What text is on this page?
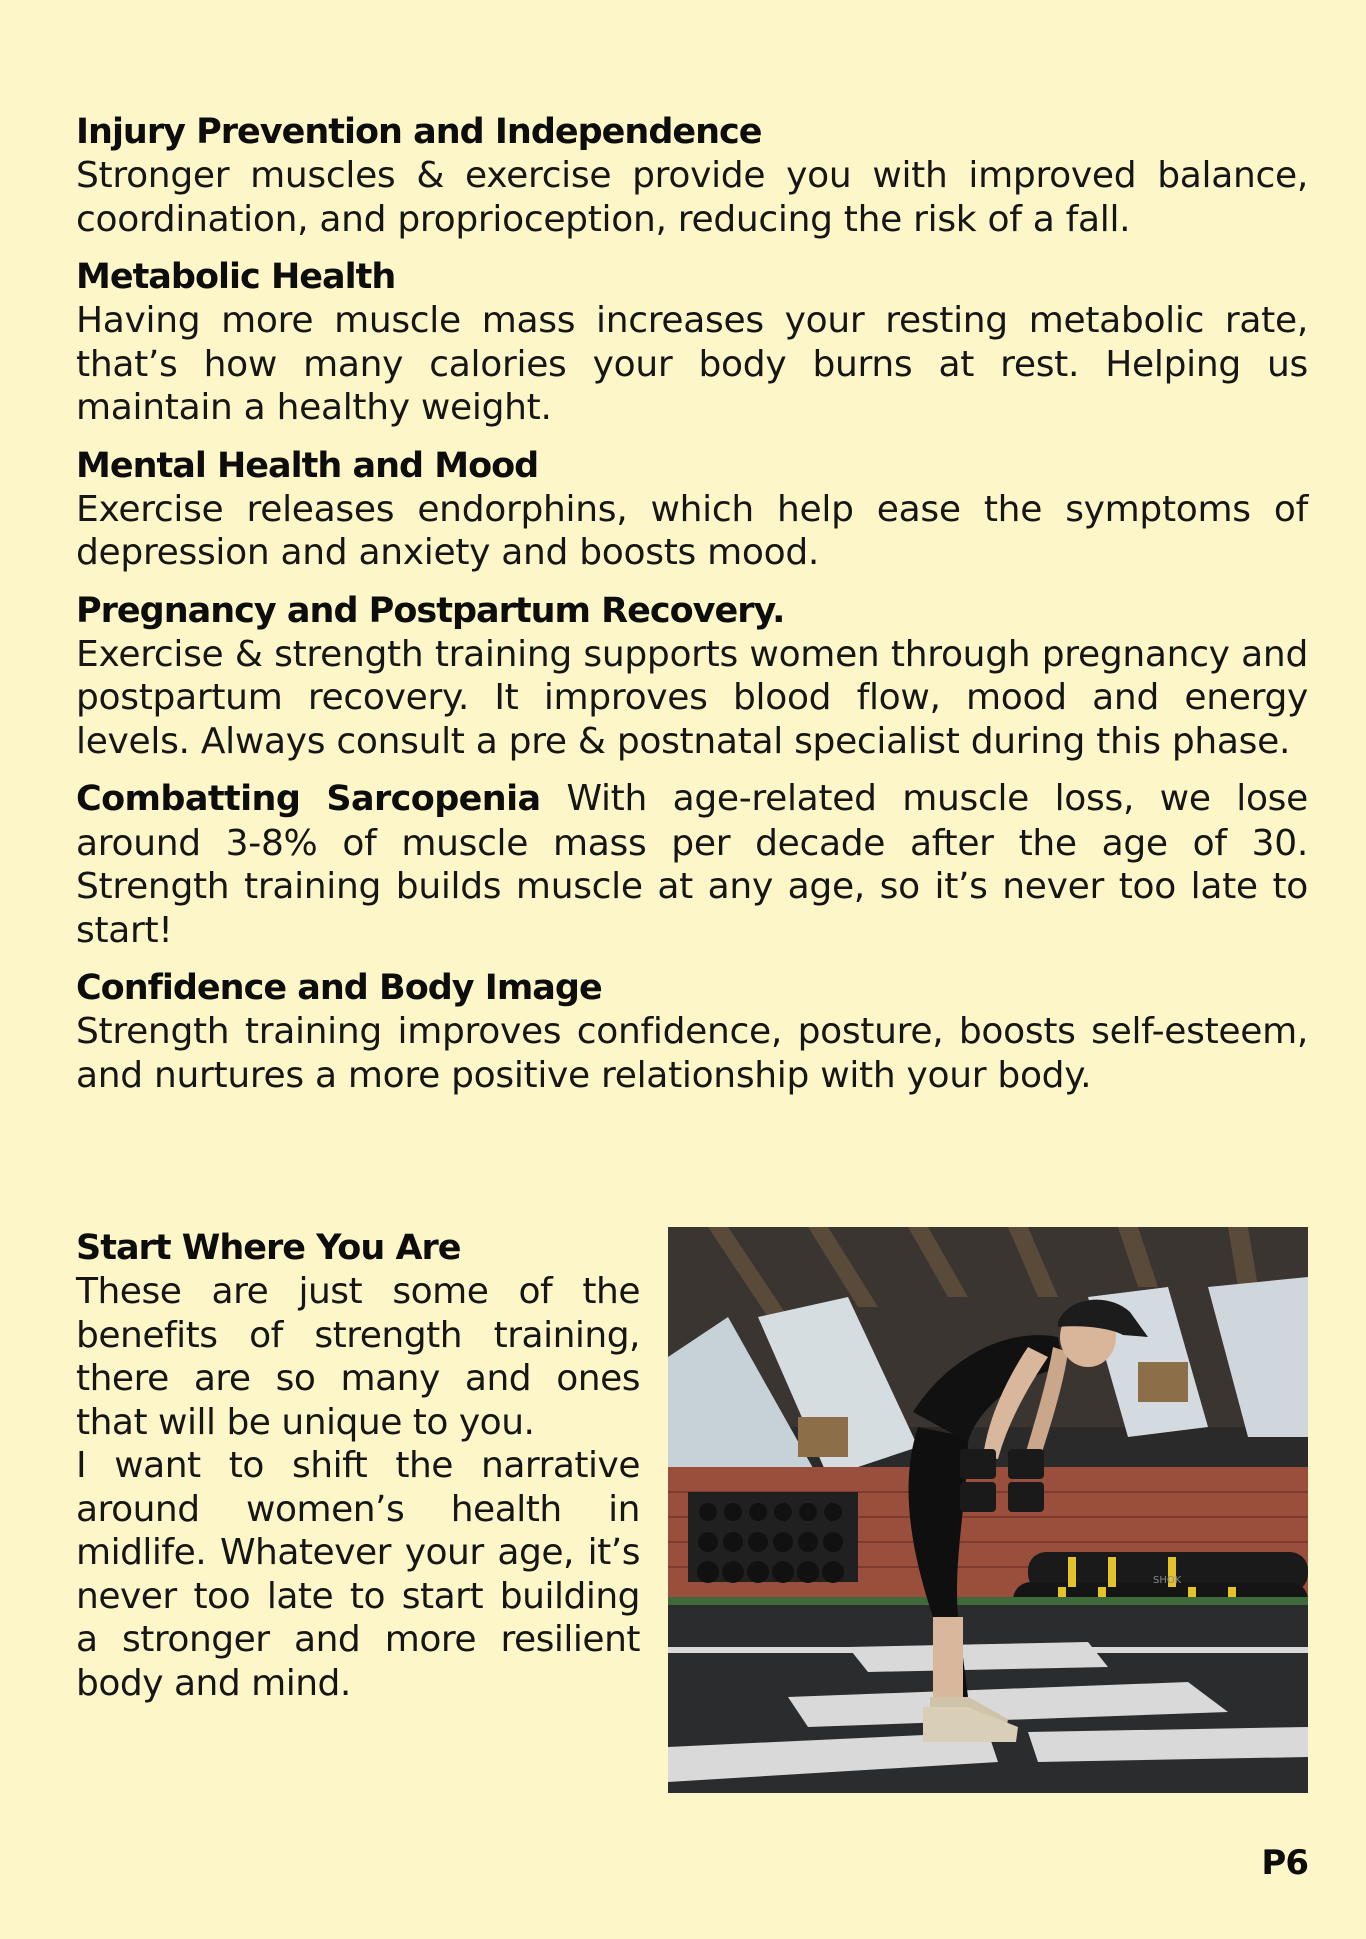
Injury Prevention and Independence
Stronger muscles & exercise provide you with improved balance, coordination, and proprioception, reducing the risk of a fall.
Metabolic Health
Having more muscle mass increases your resting metabolic rate, that’s how many calories your body burns at rest. Helping us maintain a healthy weight.
Mental Health and Mood
Exercise releases endorphins, which help ease the symptoms of depression and anxiety and boosts mood.
Pregnancy and Postpartum Recovery.
Exercise & strength training supports women through pregnancy and postpartum recovery. It improves blood flow, mood and energy levels. Always consult a pre & postnatal specialist during this phase.
Combatting Sarcopenia With age-related muscle loss, we lose around 3-8% of muscle mass per decade after the age of 30. Strength training builds muscle at any age, so it’s never too late to start!
Confidence and Body Image
Strength training improves confidence, posture, boosts self-esteem, and nurtures a more positive relationship with your body.
Start Where You Are
These are just some of the benefits of strength training, there are so many and ones that will be unique to you.
I want to shift the narrative around women’s health in midlife. Whatever your age, it’s never too late to start building a stronger and more resilient body and mind.
SHOK
P6
